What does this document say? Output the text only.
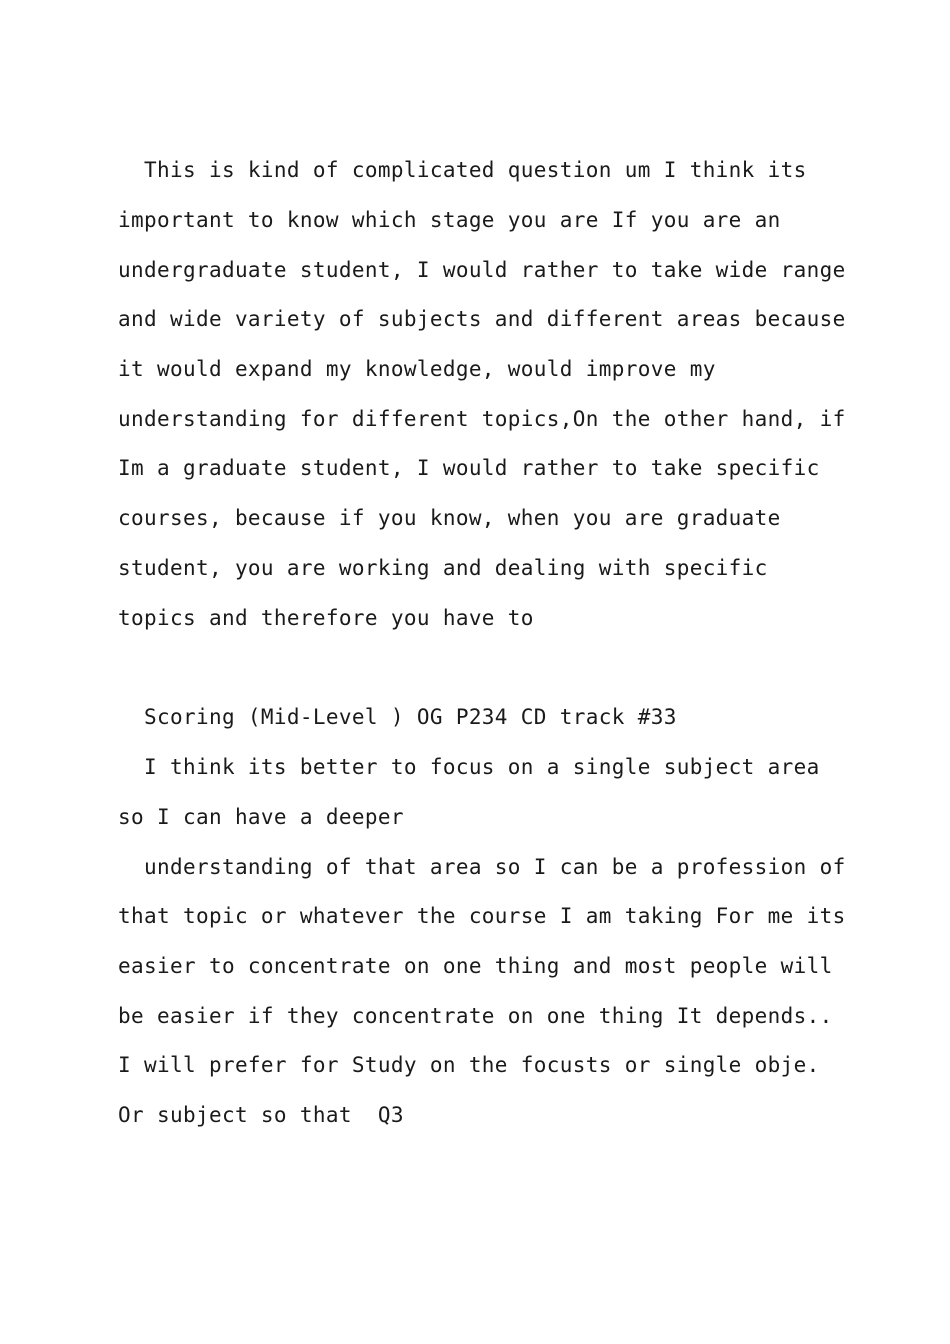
This is kind of complicated question um I think its
important to know which stage you are If you are an
undergraduate student, I would rather to take wide range
and wide variety of subjects and different areas because
it would expand my knowledge, would improve my
understanding for different topics,On the other hand, if
Im a graduate student, I would rather to take specific
courses, because if you know, when you are graduate
student, you are working and dealing with specific
topics and therefore you have to
Scoring (Mid-Level ) OG P234 CD track #33
I think its better to focus on a single subject area
so I can have a deeper
understanding of that area so I can be a profession of
that topic or whatever the course I am taking For me its
easier to concentrate on one thing and most people will
be easier if they concentrate on one thing It depends..
I will prefer for Study on the focusts or single obje.
Or subject so that  Q3
